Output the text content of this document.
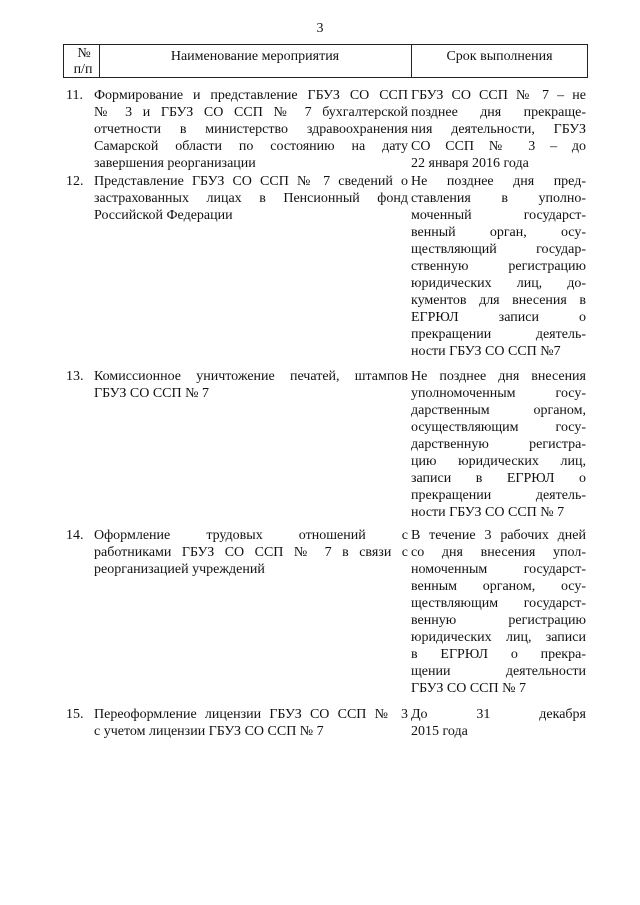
3
№
п/п
Наименование мероприятия	Срок выполнения
11. Формирование и представление ГБУЗ СО ССП
№ 3 и ГБУЗ СО ССП № 7 бухгалтерской
отчетности в министерство здравоохранения
Самарской области по состоянию на дату
завершения реорганизации
ГБУЗ СО ССП № 7 – не
позднее дня прекраще-
ния деятельности, ГБУЗ
СО ССП № 3 – до
22 января 2016 года
12. Представление ГБУЗ СО ССП № 7 сведений о
застрахованных лицах в Пенсионный фонд
Российской Федерации
Не позднее дня пред-
ставления в уполно-
моченный государст-
венный орган, осу-
ществляющий государ-
ственную регистрацию
юридических лиц, до-
кументов для внесения в
ЕГРЮЛ записи о
прекращении деятель-
ности ГБУЗ СО ССП №7
13. Комиссионное уничтожение печатей, штампов
ГБУЗ СО ССП № 7
Не позднее дня внесения
уполномоченным госу-
дарственным органом,
осуществляющим госу-
дарственную регистра-
цию юридических лиц,
записи в ЕГРЮЛ о
прекращении деятель-
ности ГБУЗ СО ССП № 7
14. Оформление трудовых отношений с
работниками ГБУЗ СО ССП № 7 в связи с
реорганизацией учреждений
В течение 3 рабочих дней
со дня внесения упол-
номоченным государст-
венным органом, осу-
ществляющим государст-
венную регистрацию
юридических лиц, записи
в ЕГРЮЛ о прекра-
щении деятельности
ГБУЗ СО ССП № 7
15. Переоформление лицензии ГБУЗ СО ССП № 3
с учетом лицензии ГБУЗ СО ССП № 7
До 31 декабря
2015 года
